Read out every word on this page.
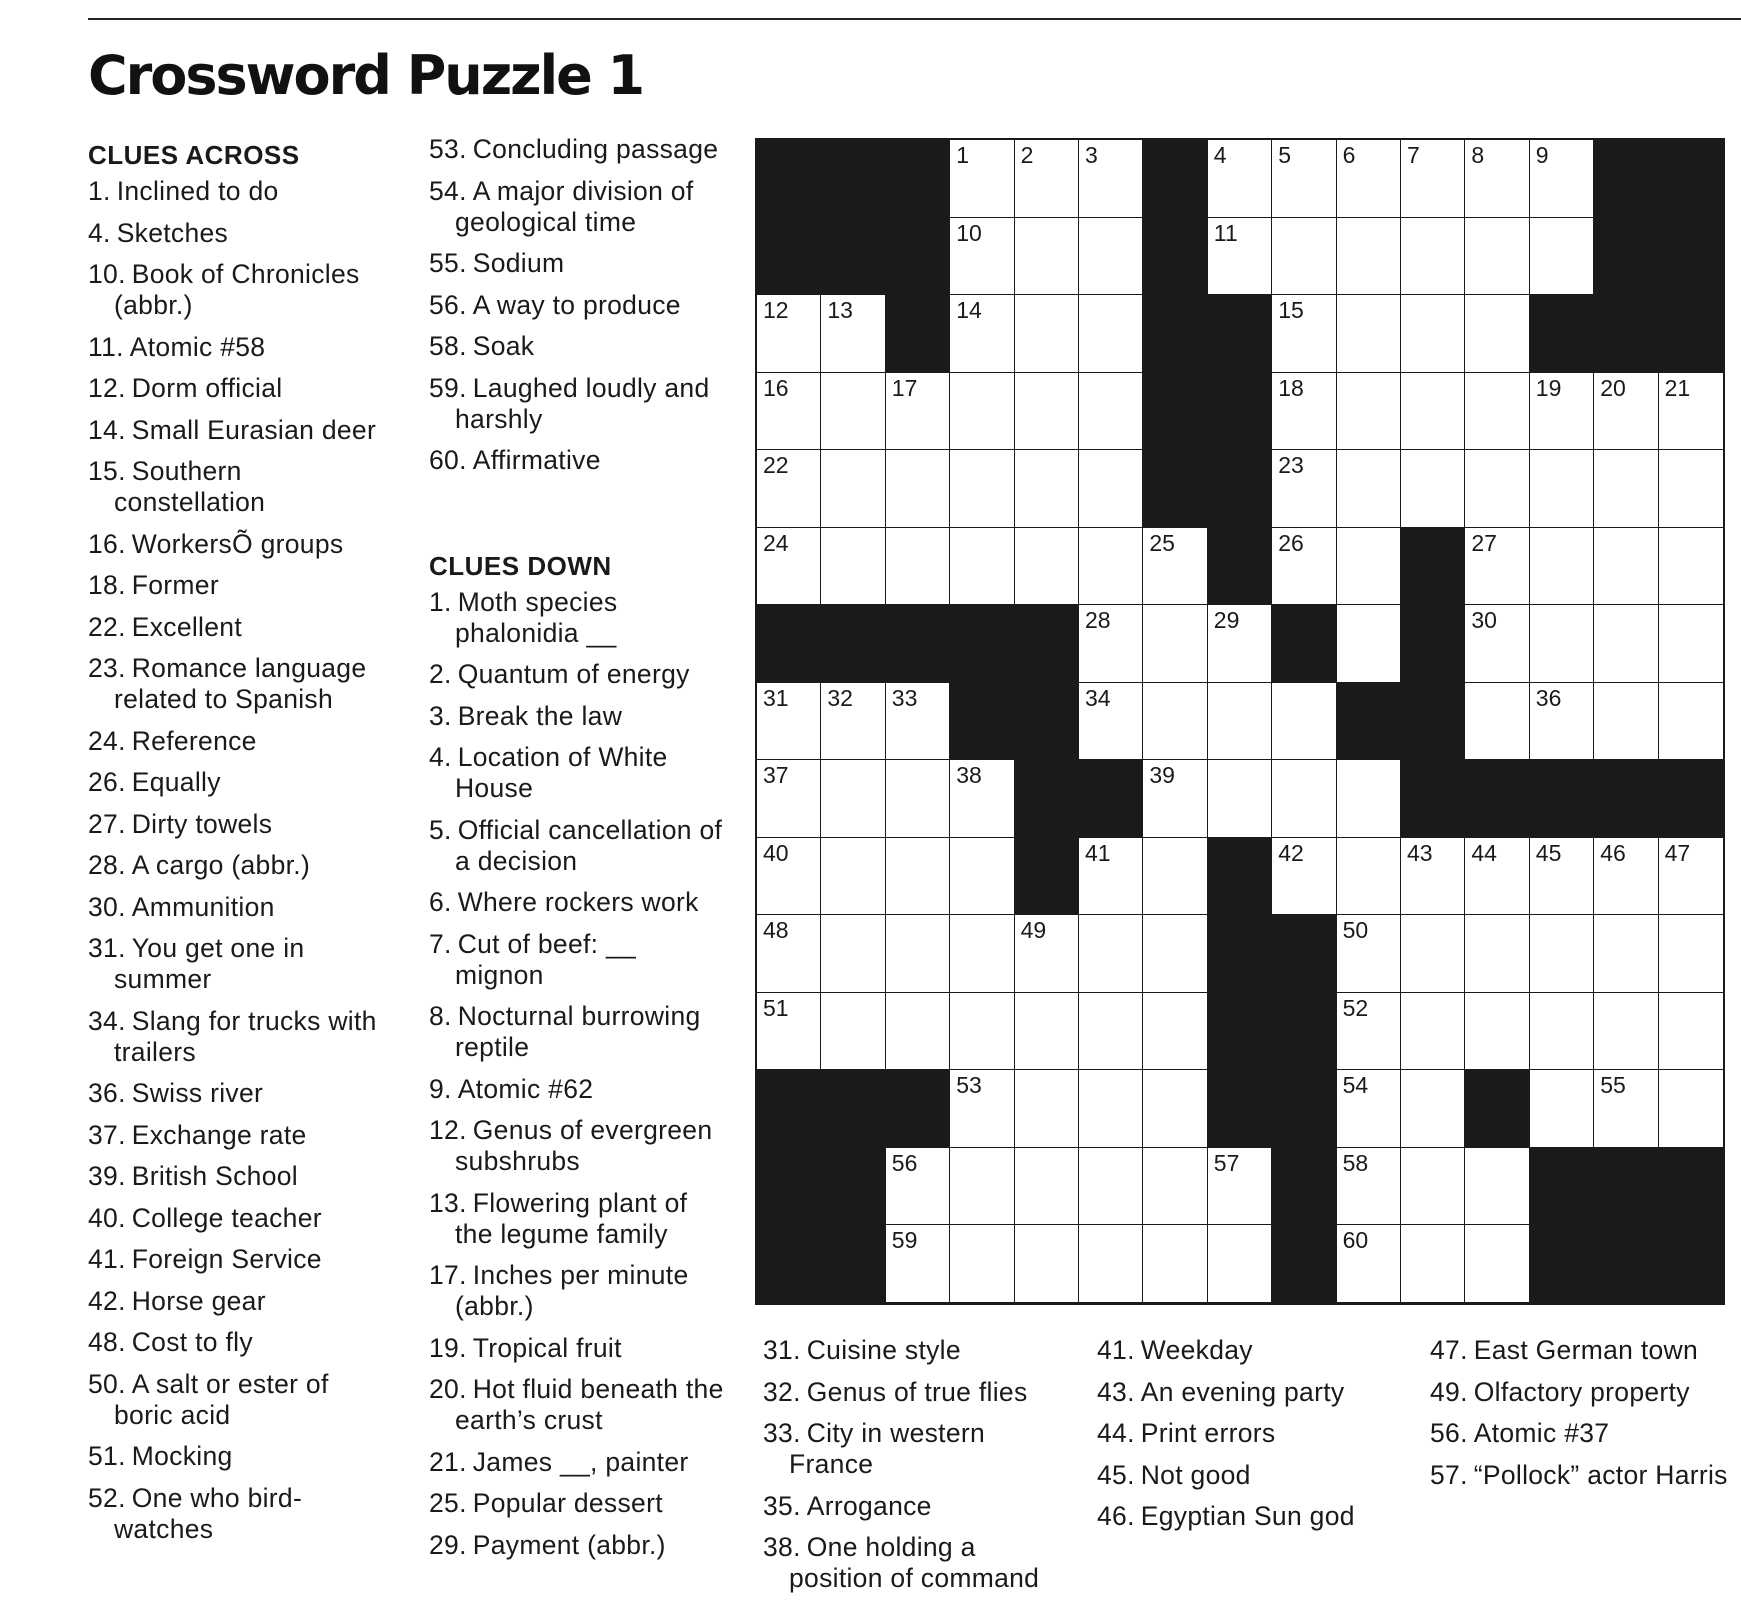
Crossword Puzzle 1
CLUES ACROSS
1. Inclined to do
4. Sketches
10. Book of Chronicles (abbr.)
11. Atomic #58
12. Dorm official
14. Small Eurasian deer
15. Southern constellation
16. WorkersÕ groups
18. Former
22. Excellent
23. Romance language related to Spanish
24. Reference
26. Equally
27. Dirty towels
28. A cargo (abbr.)
30. Ammunition
31. You get one in summer
34. Slang for trucks with trailers
36. Swiss river
37. Exchange rate
39. British School
40. College teacher
41. Foreign Service
42. Horse gear
48. Cost to fly
50. A salt or ester of boric acid
51. Mocking
52. One who bird-watches
53. Concluding passage
54. A major division of geological time
55. Sodium
56. A way to produce
58. Soak
59. Laughed loudly and harshly
60. Affirmative
CLUES DOWN
1. Moth species phalonidia __
2. Quantum of energy
3. Break the law
4. Location of White House
5. Official cancellation of a decision
6. Where rockers work
7. Cut of beef: __ mignon
8. Nocturnal burrowing reptile
9. Atomic #62
12. Genus of evergreen subshrubs
13. Flowering plant of the legume family
17. Inches per minute (abbr.)
19. Tropical fruit
20. Hot fluid beneath the earth’s crust
21. James __, painter
25. Popular dessert
29. Payment (abbr.)
31. Cuisine style
32. Genus of true flies
33. City in western France
35. Arrogance
38. One holding a position of command
41. Weekday
43. An evening party
44. Print errors
45. Not good
46. Egyptian Sun god
47. East German town
49. Olfactory property
56. Atomic #37
57. “Pollock” actor Harris
1 2 3	4 5 6 7 8 9
10	11
12 13	14	15
16	17	18	19 20 21
22	23
24	25	26	27
28	29	30
31 32 33	34	35	36
37	38	39
40	41	42	43 44 45 46 47
48	49	50
51	52
53	54	55
56	57	58
59	60
